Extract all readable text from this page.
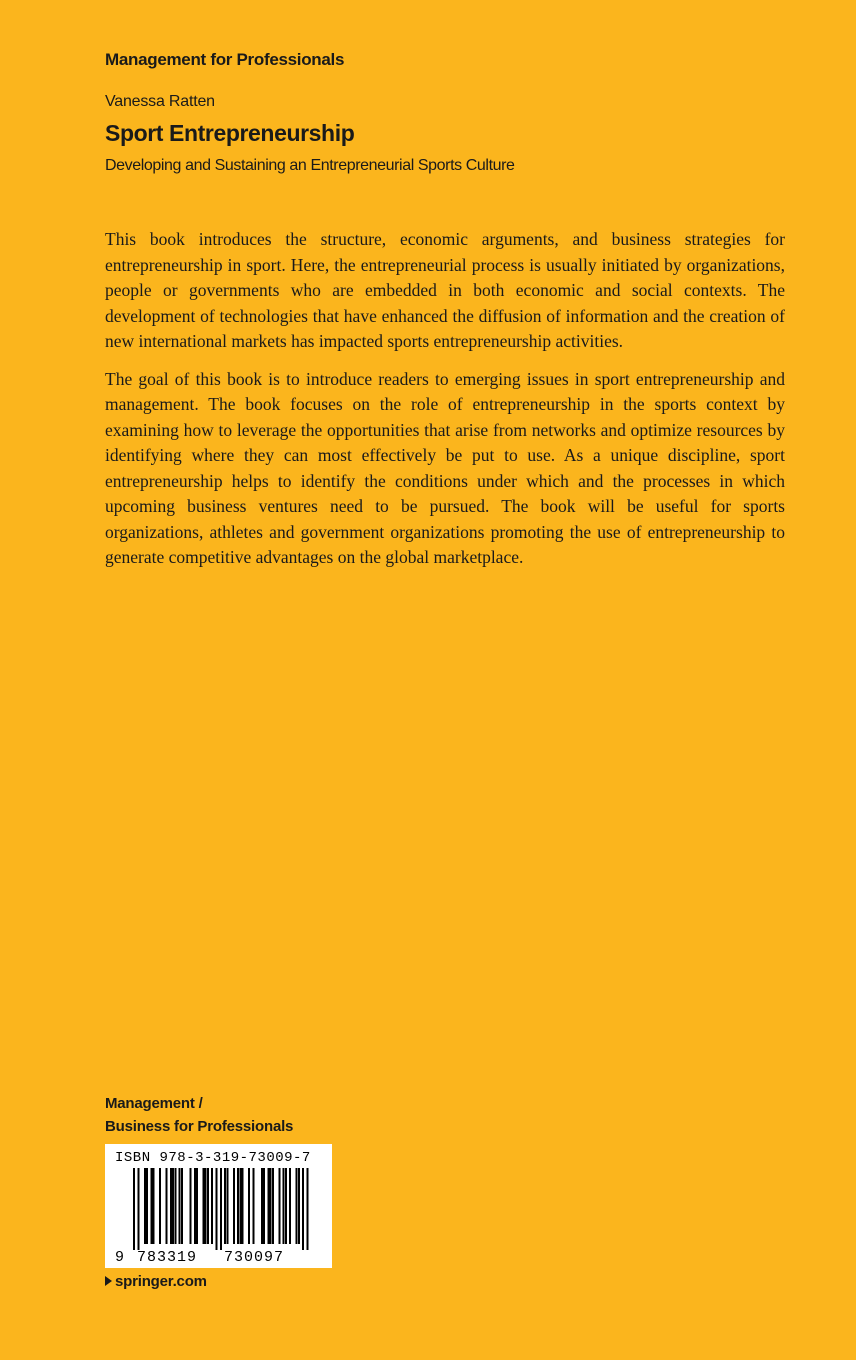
Management for Professionals
Vanessa Ratten
Sport Entrepreneurship
Developing and Sustaining an Entrepreneurial Sports Culture

This book introduces the structure, economic arguments, and business strategies for entrepreneurship in sport. Here, the entrepreneurial process is usually initiated by organizations, people or governments who are embedded in both economic and social contexts. The development of technologies that have enhanced the diffusion of information and the creation of new international markets has impacted sports entrepreneurship activities.

The goal of this book is to introduce readers to emerging issues in sport entrepreneurship and management. The book focuses on the role of entrepreneurship in the sports context by examining how to leverage the opportunities that arise from networks and optimize resources by identifying where they can most effectively be put to use. As a unique discipline, sport entrepreneurship helps to identify the conditions under which and the processes in which upcoming business ventures need to be pursued. The book will be useful for sports organizations, athletes and government organizations promoting the use of entrepreneurship to generate competitive advantages on the global marketplace.

Management /
Business for Professionals
ISBN 978-3-319-73009-7
9 783319 730097
springer.com
